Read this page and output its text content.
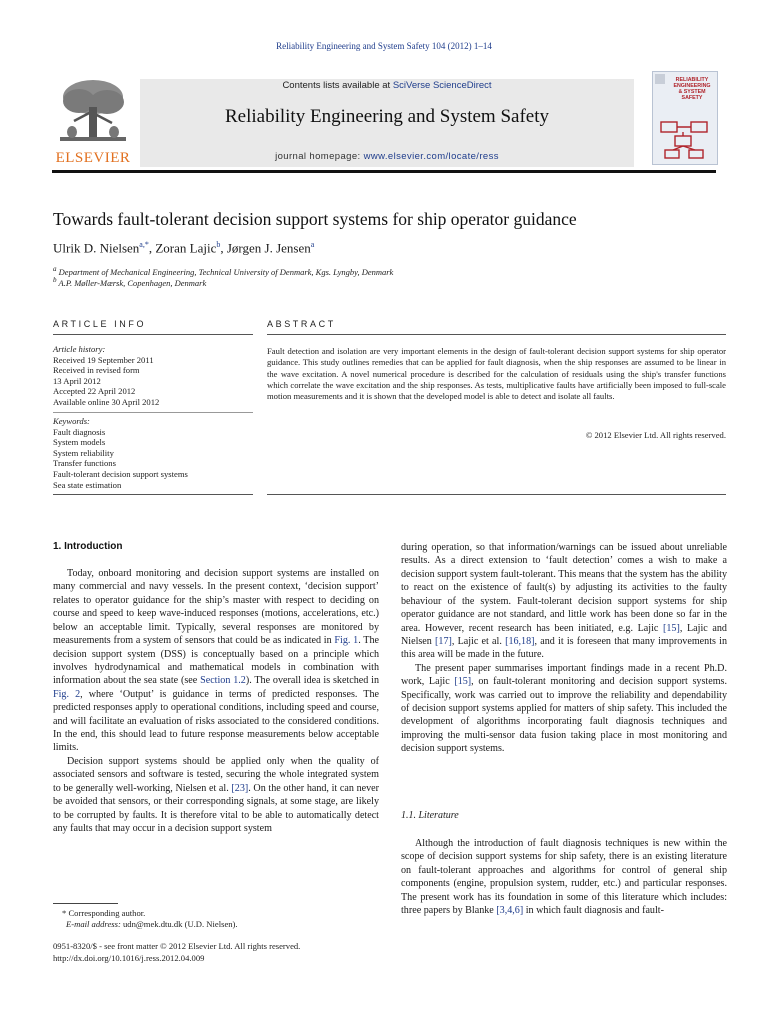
Reliability Engineering and System Safety 104 (2012) 1–14
ELSEVIER
Contents lists available at SciVerse ScienceDirect
Reliability Engineering and System Safety
journal homepage: www.elsevier.com/locate/ress
RELIABILITY
ENGINEERING
& SYSTEM
SAFETY
Towards fault-tolerant decision support systems for ship operator guidance
Ulrik D. Nielsen$^{a,*}$, Zoran Lajic$^b$, Jørgen J. Jensen$^a$
$^a$ Department of Mechanical Engineering, Technical University of Denmark, Kgs. Lyngby, Denmark
$^b$ A.P. Møller-Mærsk, Copenhagen, Denmark
ARTICLE INFO	ABSTRACT
Article history:
Received 19 September 2011
Received in revised form
13 April 2012
Accepted 22 April 2012
Available online 30 April 2012
Keywords:
Fault diagnosis
System models
System reliability
Transfer functions
Fault-tolerant decision support systems
Sea state estimation
Fault detection and isolation are very important elements in the design of fault-tolerant decision support systems for ship operator guidance. This study outlines remedies that can be applied for fault diagnosis, when the ship responses are assumed to be linear in the wave excitation. A novel numerical procedure is described for the calculation of residuals using the ship's transfer functions which correlate the wave excitation and the ship responses. As tests, multiplicative faults have artificially been imposed to full-scale motion measurements and it is shown that the developed model is able to detect and isolate all faults.
© 2012 Elsevier Ltd. All rights reserved.
1. Introduction

Today, onboard monitoring and decision support systems are installed on many commercial and navy vessels. In the present context, ‘decision support’ relates to operator guidance for the ship’s master with respect to deciding on course and speed to keep wave-induced responses (motions, accelerations, etc.) below an acceptable limit. Typically, several responses are monitored by measurements from a system of sensors that could be as indicated in Fig. 1. The decision support system (DSS) is conceptually based on a principle which involves hydrodynamical and mathematical models in combination with information about the sea state (see Section 1.2). The overall idea is sketched in Fig. 2, where ‘Output’ is guidance in terms of predicted responses. The predicted responses apply to operational conditions, including speed and course, and will facilitate an evaluation of risks associated to the considered conditions. In the end, this should lead to future response measurements below acceptable limits.

Decision support systems should be applied only when the quality of associated sensors and software is tested, securing the whole integrated system to be generally well-working, Nielsen et al. [23]. On the other hand, it can never be avoided that sensors, or their corresponding signals, at some stage, are likely to be corrupted by faults. It is therefore vital to be able to automatically detect any faults that may occur in a decision support system

during operation, so that information/warnings can be issued about unreliable results. As a direct extension to ‘fault detection’ comes a wish to make a decision support system fault-tolerant. This means that the system has the ability to react on the existence of fault(s) by adjusting its activities to the faulty behaviour of the system. Fault-tolerant decision support systems for ship operator guidance are not standard, and little work has been done so far in the area. However, recent research has been initiated, e.g. Lajic [15], Lajic and Nielsen [17], Lajic et al. [16,18], and it is foreseen that many improvements in this area will be made in the future.

The present paper summarises important findings made in a recent Ph.D. work, Lajic [15], on fault-tolerant monitoring and decision support systems. Specifically, work was carried out to improve the reliability and dependability of decision support systems applied for matters of ship safety. This included the development of algorithms incorporating fault diagnosis techniques and improving the multi-sensor data fusion taking place in most monitoring and decision support systems.

1.1. Literature

Although the introduction of fault diagnosis techniques is new within the scope of decision support systems for ship safety, there is an existing literature on fault-tolerant approaches and algorithms for control of general ship components (engine, propulsion system, rudder, etc.) and particular responses. The present work has its foundation in some of this literature which includes: three papers by Blanke [3,4,6] in which fault diagnosis and fault-

* Corresponding author.
E-mail address: udn@mek.dtu.dk (U.D. Nielsen).
0951-8320/$ - see front matter © 2012 Elsevier Ltd. All rights reserved.
http://dx.doi.org/10.1016/j.ress.2012.04.009
